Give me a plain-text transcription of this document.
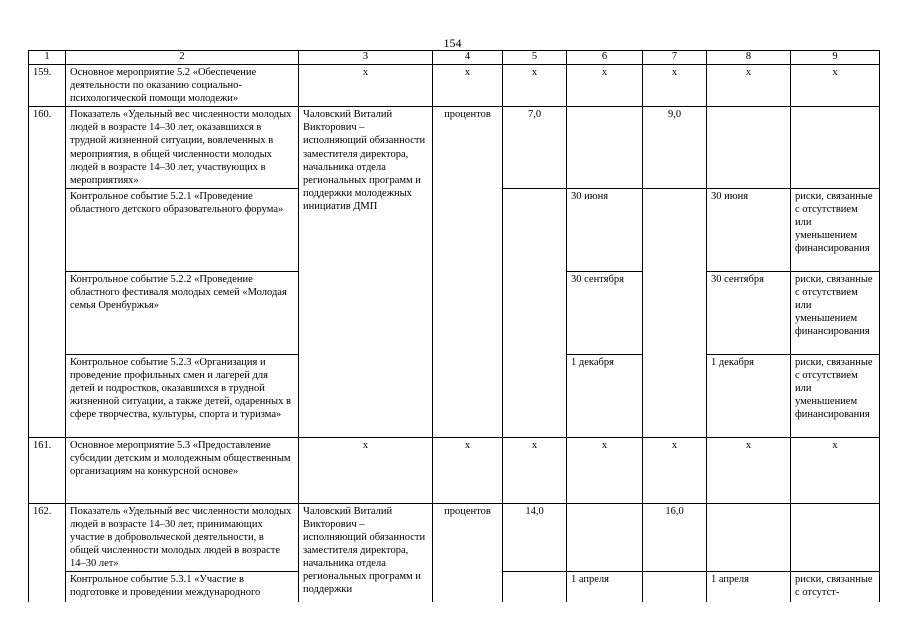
154
1	2	3	4	5	6	7	8	9
159.	Основное мероприятие 5.2 «Обеспечение деятельности по оказанию социально-психологической помощи молодежи»	х	х	х	х	х	х	х
160.	Показатель «Удельный вес численности молодых людей в возрасте 14–30 лет, оказавшихся в трудной жизненной ситуации, вовлеченных в мероприятия, в общей численности молодых людей в возрасте 14–30 лет, участвующих в мероприятиях»	Чаловский Виталий Викторович – исполняющий обязанности заместителя директора, начальника отдела региональных программ и поддержки молодежных инициатив ДМП	процентов	7,0		9,0		
	Контрольное событие 5.2.1 «Проведение областного детского образовательного форума»				30 июня		30 июня	риски, связанные с отсутствием или уменьшением финансирования
	Контрольное событие 5.2.2 «Проведение областного фестиваля молодых семей «Молодая семья Оренбуржья»				30 сентября		30 сентября	риски, связанные с отсутствием или уменьшением финансирования
	Контрольное событие 5.2.3 «Организация и проведение профильных смен и лагерей для детей и подростков, оказавшихся в трудной жизненной ситуации, а также детей, одаренных в сфере творчества, культуры, спорта и туризма»				1 декабря		1 декабря	риски, связанные с отсутствием или уменьшением финансирования
161.	Основное мероприятие 5.3 «Предоставление субсидии детским и молодежным общественным организациям на конкурсной основе»	х	х	х	х	х	х	х
162.	Показатель «Удельный вес численности молодых людей в возрасте 14–30 лет, принимающих участие в добровольческой деятельности, в общей численности молодых людей в возрасте 14–30 лет»	Чаловский Виталий Викторович – исполняющий обязанности заместителя директора, начальника отдела региональных программ и поддержки	процентов	14,0		16,0		
	Контрольное событие 5.3.1 «Участие в подготовке и проведении международного				1 апреля		1 апреля	риски, связанные с отсутст-
